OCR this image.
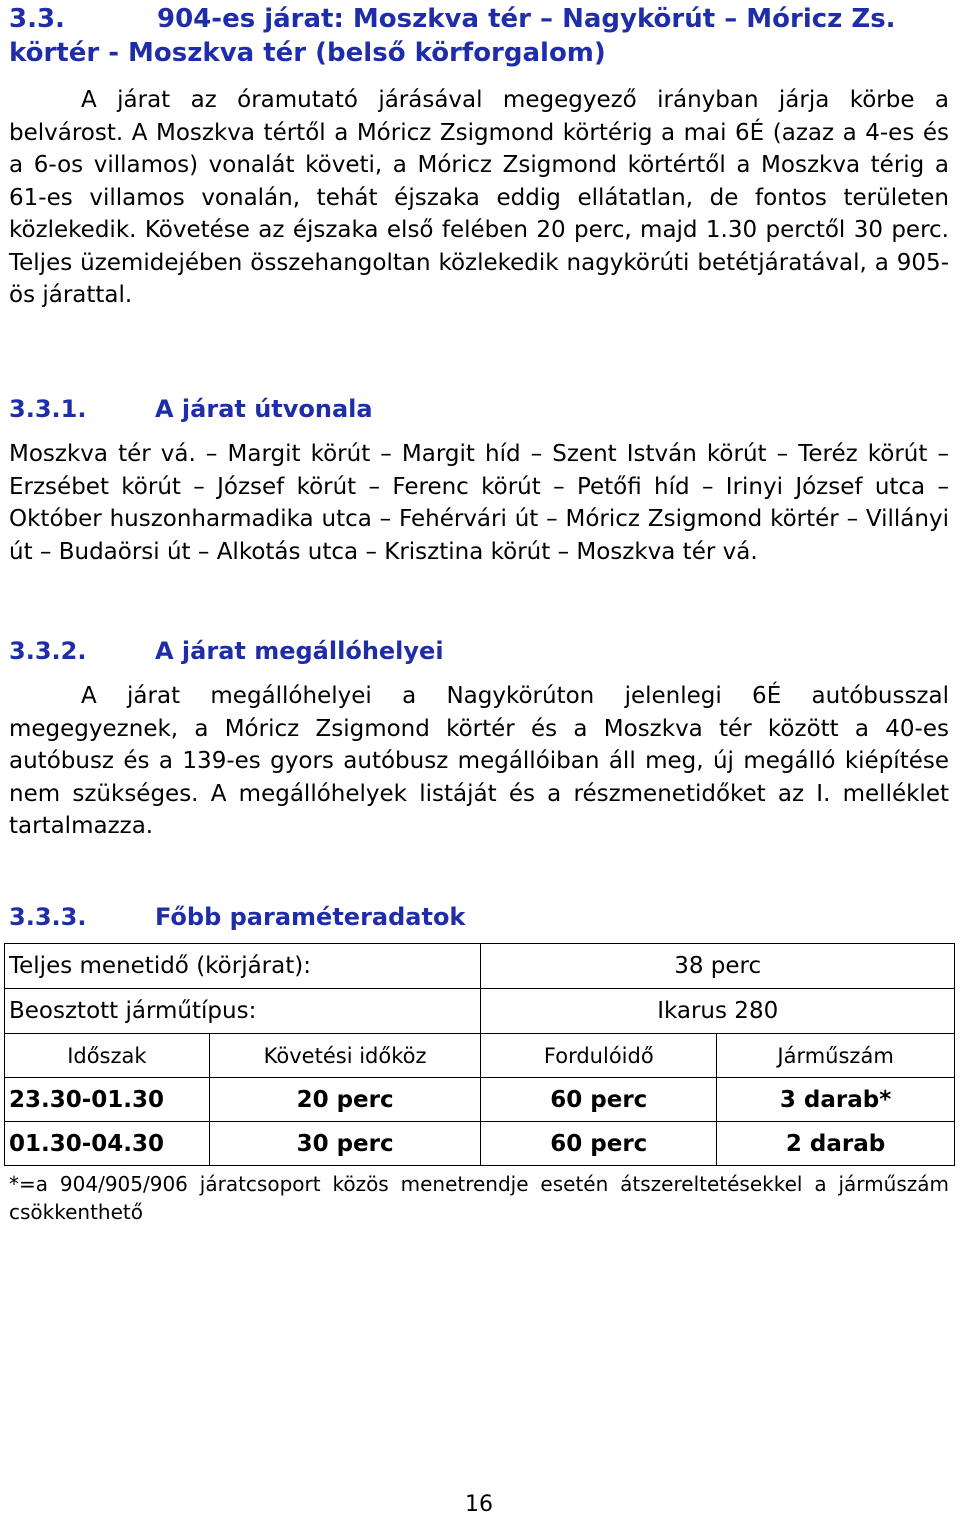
3.3.	904-es járat: Moszkva tér – Nagykörút – Móricz Zs. körtér - Moszkva tér (belső körforgalom)

A járat az óramutató járásával megegyező irányban járja körbe a belvárost. A Moszkva tértől a Móricz Zsigmond körtérig a mai 6É (azaz a 4-es és a 6-os villamos) vonalát követi, a Móricz Zsigmond körtértől a Moszkva térig a 61-es villamos vonalán, tehát éjszaka eddig ellátatlan, de fontos területen közlekedik. Követése az éjszaka első felében 20 perc, majd 1.30 perctől 30 perc. Teljes üzemidejében összehangoltan közlekedik nagykörúti betétjáratával, a 905-ös járattal.

3.3.1.	A járat útvonala

Moszkva tér vá. – Margit körút – Margit híd – Szent István körút – Teréz körút – Erzsébet körút – József körút – Ferenc körút – Petőfi híd – Irinyi József utca – Október huszonharmadika utca – Fehérvári út – Móricz Zsigmond körtér – Villányi út – Budaörsi út – Alkotás utca – Krisztina körút – Moszkva tér vá.

3.3.2.	A járat megállóhelyei

A járat megállóhelyei a Nagykörúton jelenlegi 6É autóbusszal megegyeznek, a Móricz Zsigmond körtér és a Moszkva tér között a 40-es autóbusz és a 139-es gyors autóbusz megállóiban áll meg, új megálló kiépítése nem szükséges. A megállóhelyek listáját és a részmenetidőket az I. melléklet tartalmazza.

3.3.3.	Főbb paraméteradatok
Teljes menetidő (körjárat):		38 perc	
Beosztott járműtípus:		Ikarus 280	
Időszak	Követési időköz	Fordulóidő	Járműszám
23.30-01.30	20 perc	60 perc	3 darab*
01.30-04.30	30 perc	60 perc	2 darab

*=a 904/905/906 járatcsoport közös menetrendje esetén átszereltetésekkel a járműszám csökkenthető

16
